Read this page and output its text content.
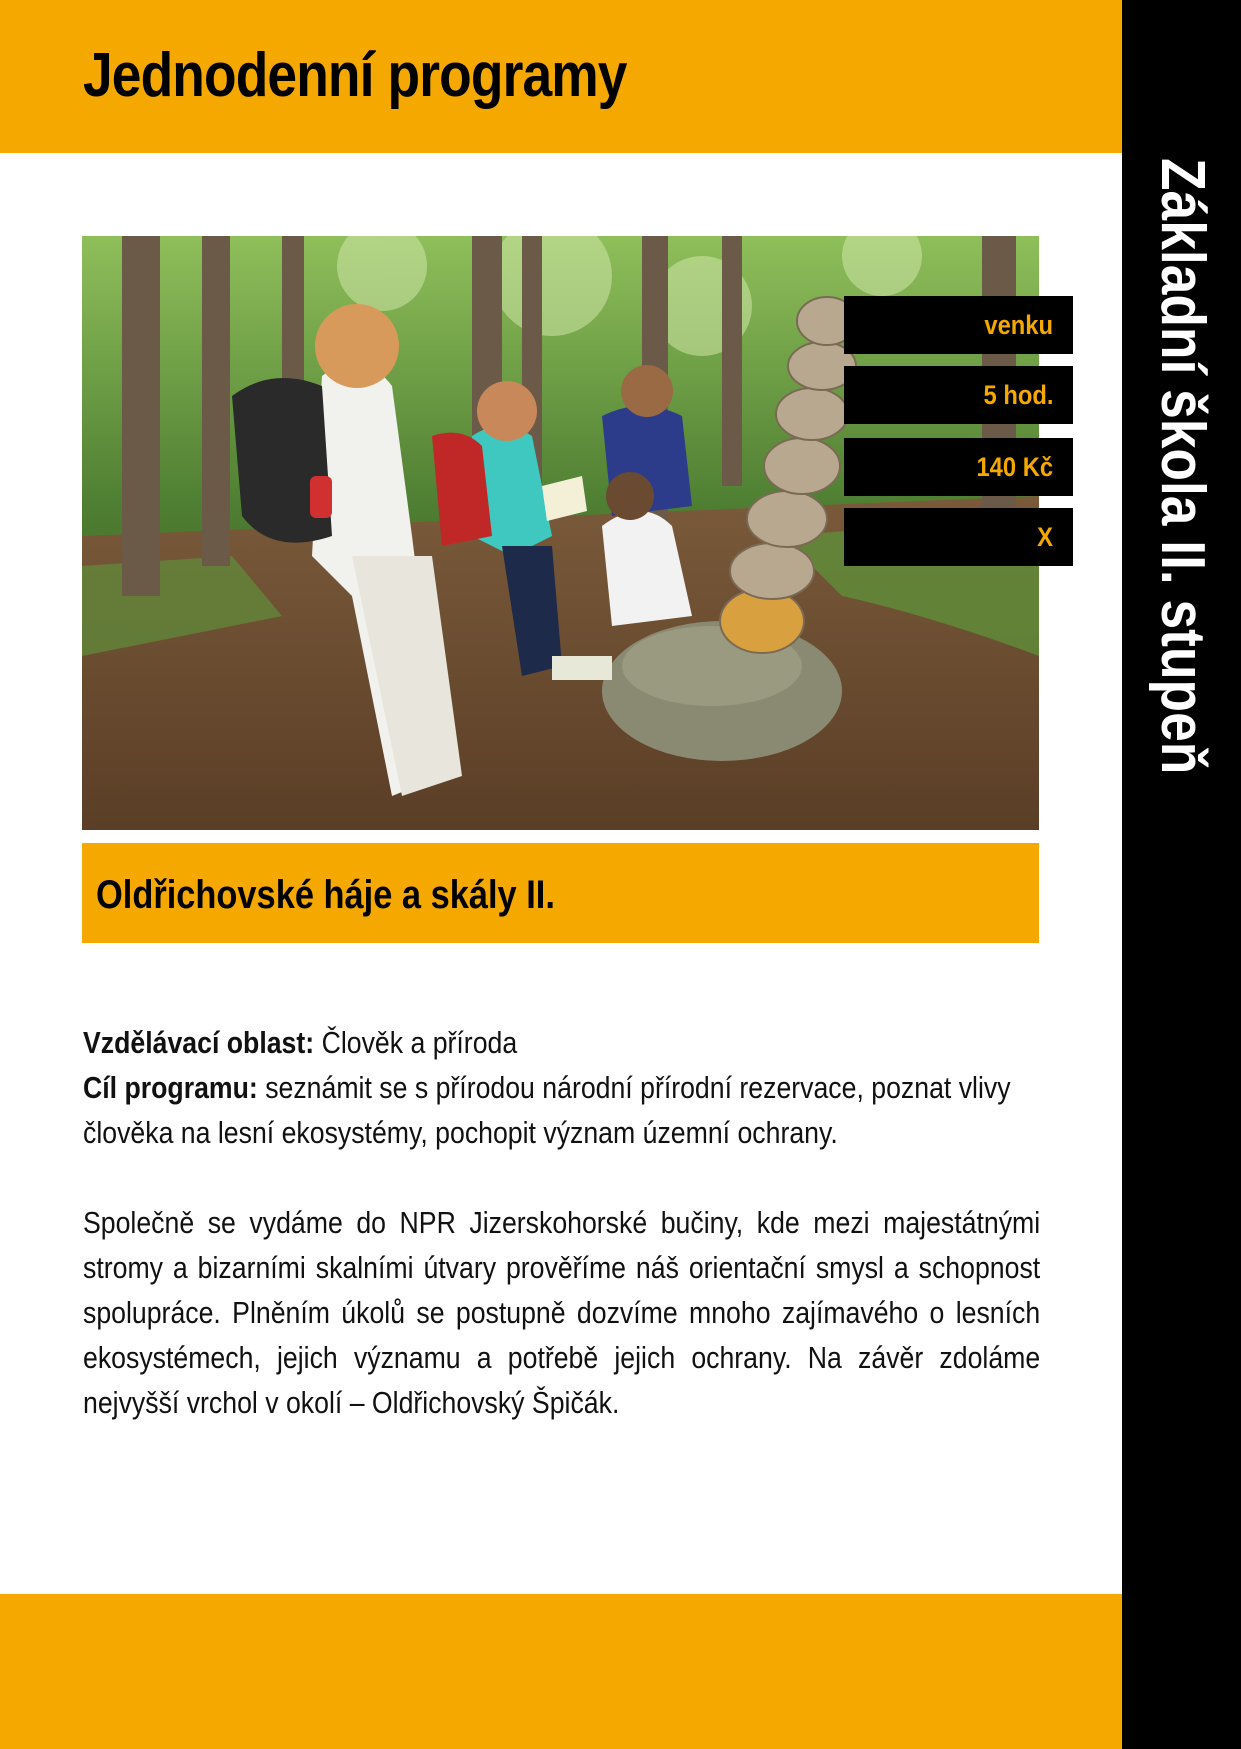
Jednodenní programy
Základní škola II. stupeň
venku
5 hod.
140 Kč
X
Oldřichovské háje a skály II.

Vzdělávací oblast: Člověk a příroda

Cíl programu: seznámit se s přírodou národní přírodní rezervace, poznat vlivy člověka na lesní ekosystémy, pochopit význam územní ochrany.

Společně se vydáme do NPR Jizerskohorské bučiny, kde mezi majestátnými stromy a bizarními skalními útvary prověříme náš orientační smysl a schopnost spolupráce. Plněním úkolů se postupně dozvíme mnoho zajímavého o lesních ekosystémech, jejich významu a potřebě jejich ochrany. Na závěr zdoláme nejvyšší vrchol v okolí – Oldřichovský Špičák.
